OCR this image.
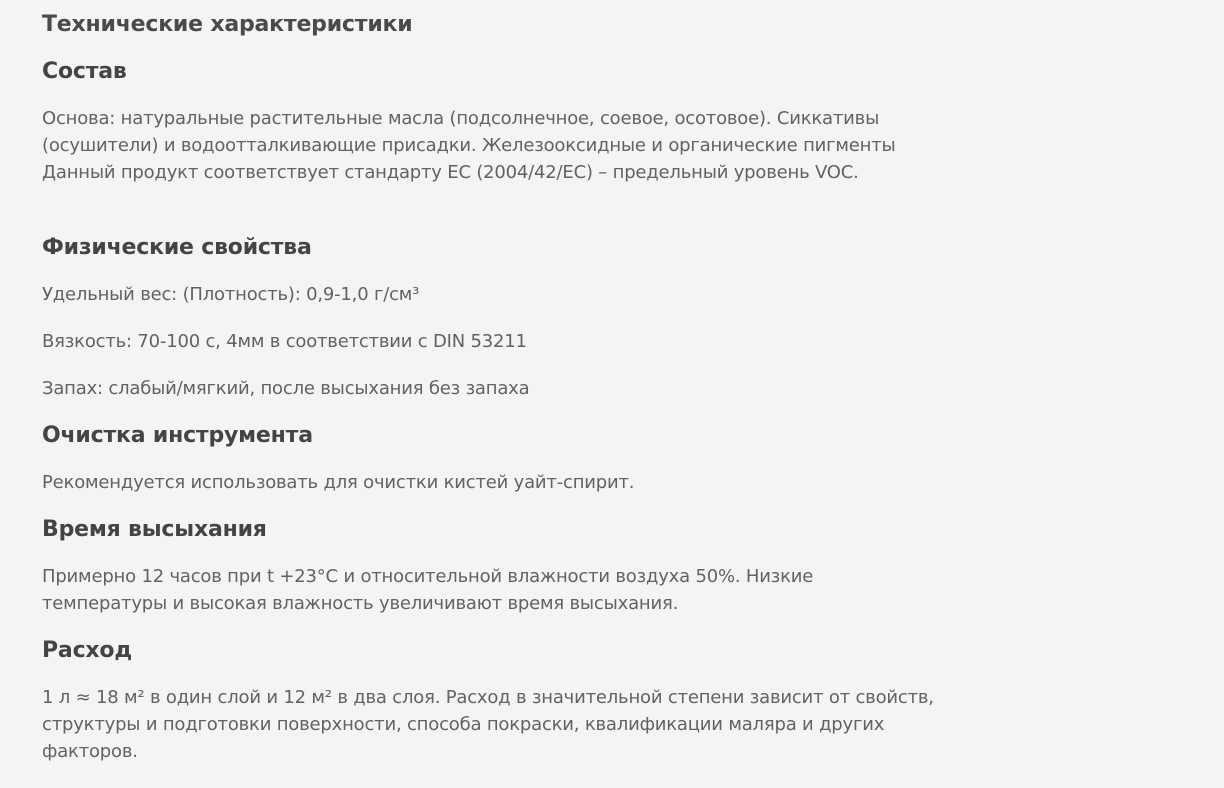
Технические характеристики
Состав

Основа: натуральные растительные масла (подсолнечное, соевое, осотовое). Сиккативы (осушители) и водоотталкивающие присадки. Железооксидные и органические пигменты Данный продукт соответствует стандарту ЕС (2004/42/ЕС) – предельный уровень VOC.

Физические свойства

Удельный вес: (Плотность): 0,9-1,0 г/см³

Вязкость: 70-100 с, 4мм в соответствии с DIN 53211

Запах: слабый/мягкий, после высыхания без запаха

Очистка инструмента

Рекомендуется использовать для очистки кистей уайт-спирит.

Время высыхания

Примерно 12 часов при t +23°С и относительной влажности воздуха 50%. Низкие температуры и высокая влажность увеличивают время высыхания.

Расход

1 л ≈ 18 м² в один слой и 12 м² в два слоя. Расход в значительной степени зависит от свойств, структуры и подготовки поверхности, способа покраски, квалификации маляра и других факторов.
